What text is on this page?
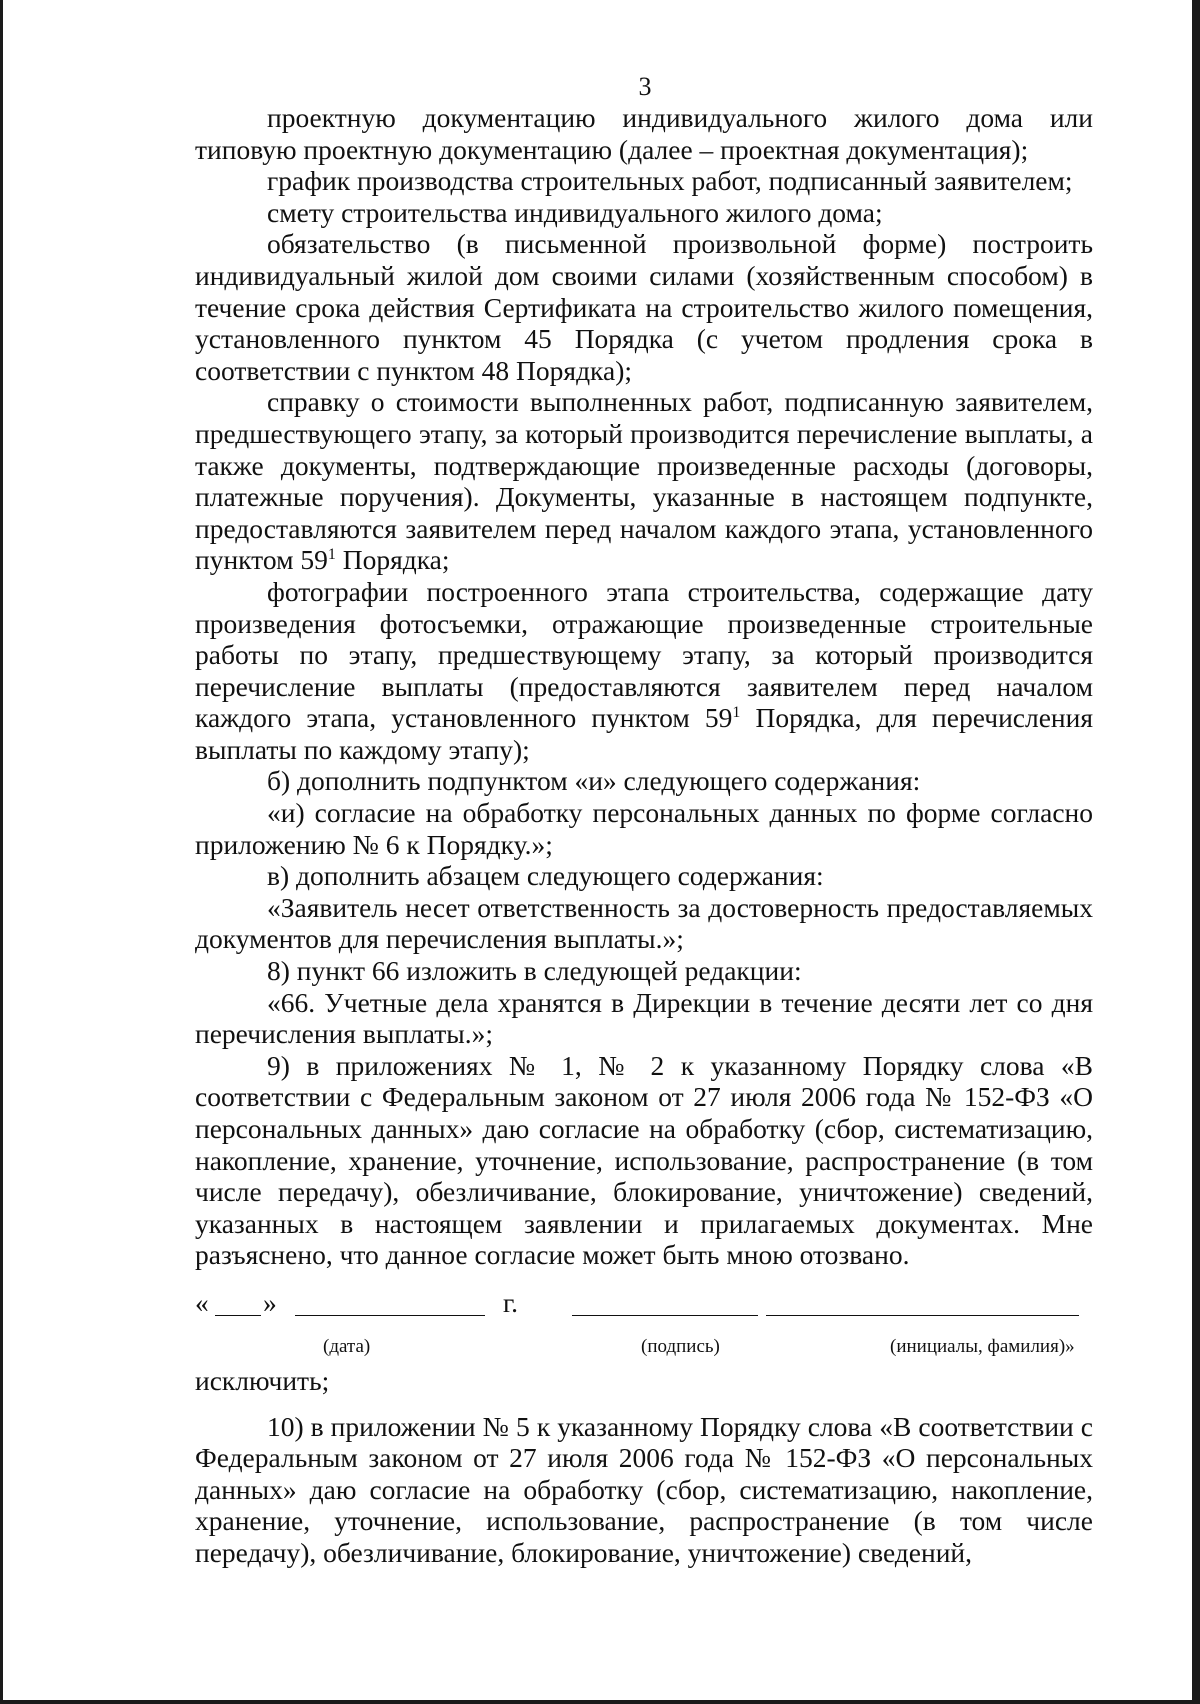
3

проектную документацию индивидуального жилого дома или типовую проектную документацию (далее – проектная документация);

график производства строительных работ, подписанный заявителем;

смету строительства индивидуального жилого дома;

обязательство (в письменной произвольной форме) построить индивидуальный жилой дом своими силами (хозяйственным способом) в течение срока действия Сертификата на строительство жилого помещения, установленного пунктом 45 Порядка (с учетом продления срока в соответствии с пунктом 48 Порядка);

справку о стоимости выполненных работ, подписанную заявителем, предшествующего этапу, за который производится перечисление выплаты, а также документы, подтверждающие произведенные расходы (договоры, платежные поручения). Документы, указанные в настоящем подпункте, предоставляются заявителем перед началом каждого этапа, установленного пунктом $59^1$ Порядка;

фотографии построенного этапа строительства, содержащие дату произведения фотосъемки, отражающие произведенные строительные работы по этапу, предшествующему этапу, за который производится перечисление выплаты (предоставляются заявителем перед началом каждого этапа, установленного пунктом $59^1$ Порядка, для перечисления выплаты по каждому этапу);

б) дополнить подпунктом «и» следующего содержания:

«и) согласие на обработку персональных данных по форме согласно приложению № 6 к Порядку.»;

в) дополнить абзацем следующего содержания:

«Заявитель несет ответственность за достоверность предоставляемых документов для перечисления выплаты.»;

8) пункт 66 изложить в следующей редакции:

«66. Учетные дела хранятся в Дирекции в течение десяти лет со дня перечисления выплаты.»;

9) в приложениях № 1, № 2 к указанному Порядку слова «В соответствии с Федеральным законом от 27 июля 2006 года № 152-ФЗ «О персональных данных» даю согласие на обработку (сбор, систематизацию, накопление, хранение, уточнение, использование, распространение (в том числе передачу), обезличивание, блокирование, уничтожение) сведений, указанных в настоящем заявлении и прилагаемых документах. Мне разъяснено, что данное согласие может быть мною отозвано.

« »	г.
(дата)	(подпись)	(инициалы, фамилия)»

исключить;

10) в приложении № 5 к указанному Порядку слова «В соответствии с Федеральным законом от 27 июля 2006 года № 152-ФЗ «О персональных данных» даю согласие на обработку (сбор, систематизацию, накопление, хранение, уточнение, использование, распространение (в том числе передачу), обезличивание, блокирование, уничтожение) сведений,
